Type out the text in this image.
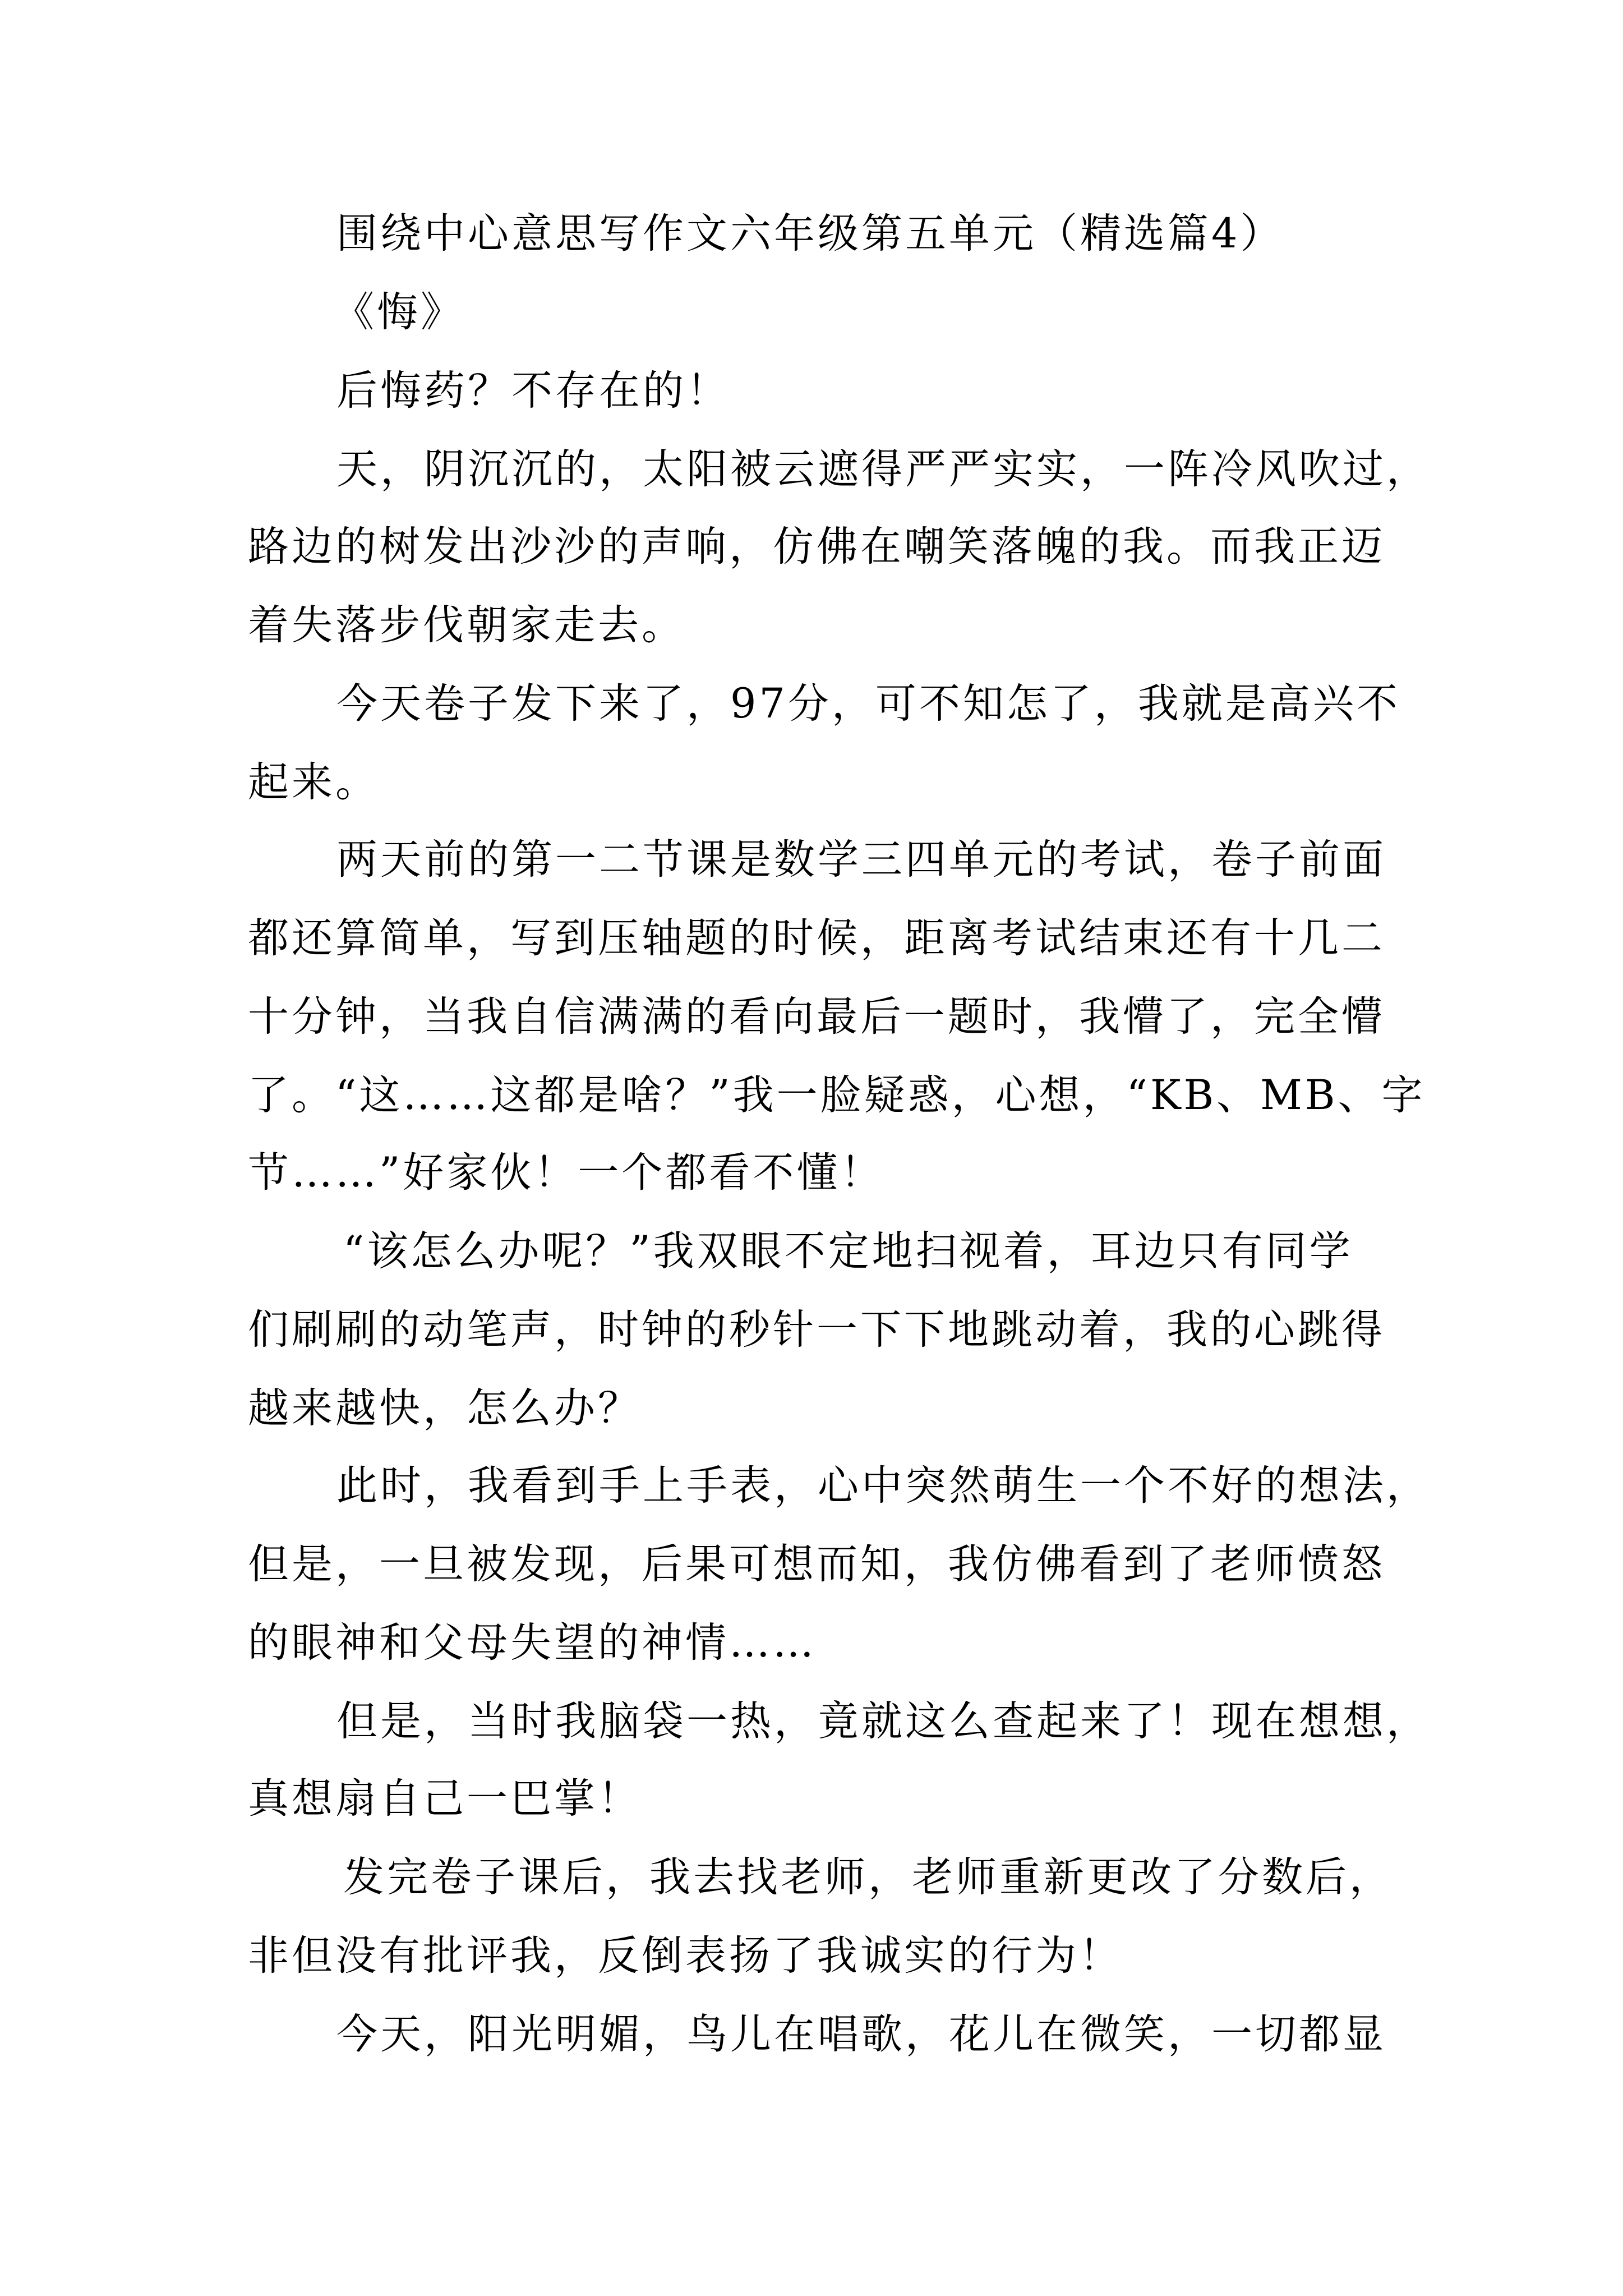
围绕中心意思写作文六年级第五单元（精选篇4）
《悔》
后悔药？不存在的！
天，阴沉沉的，太阳被云遮得严严实实，一阵冷风吹过，
路边的树发出沙沙的声响，仿佛在嘲笑落魄的我。而我正迈
着失落步伐朝家走去。
今天卷子发下来了，97分，可不知怎了，我就是高兴不
起来。
两天前的第一二节课是数学三四单元的考试，卷子前面
都还算简单，写到压轴题的时候，距离考试结束还有十几二
十分钟，当我自信满满的看向最后一题时，我懵了，完全懵
了。“这……这都是啥？”我一脸疑惑，心想，“KB、MB、字
节……”好家伙！一个都看不懂！
“该怎么办呢？”我双眼不定地扫视着，耳边只有同学
们刷刷的动笔声，时钟的秒针一下下地跳动着，我的心跳得
越来越快，怎么办？
此时，我看到手上手表，心中突然萌生一个不好的想法，
但是，一旦被发现，后果可想而知，我仿佛看到了老师愤怒
的眼神和父母失望的神情……
但是，当时我脑袋一热，竟就这么查起来了！现在想想，
真想扇自己一巴掌！
发完卷子课后，我去找老师，老师重新更改了分数后，
非但没有批评我，反倒表扬了我诚实的行为！
今天，阳光明媚，鸟儿在唱歌，花儿在微笑，一切都显
